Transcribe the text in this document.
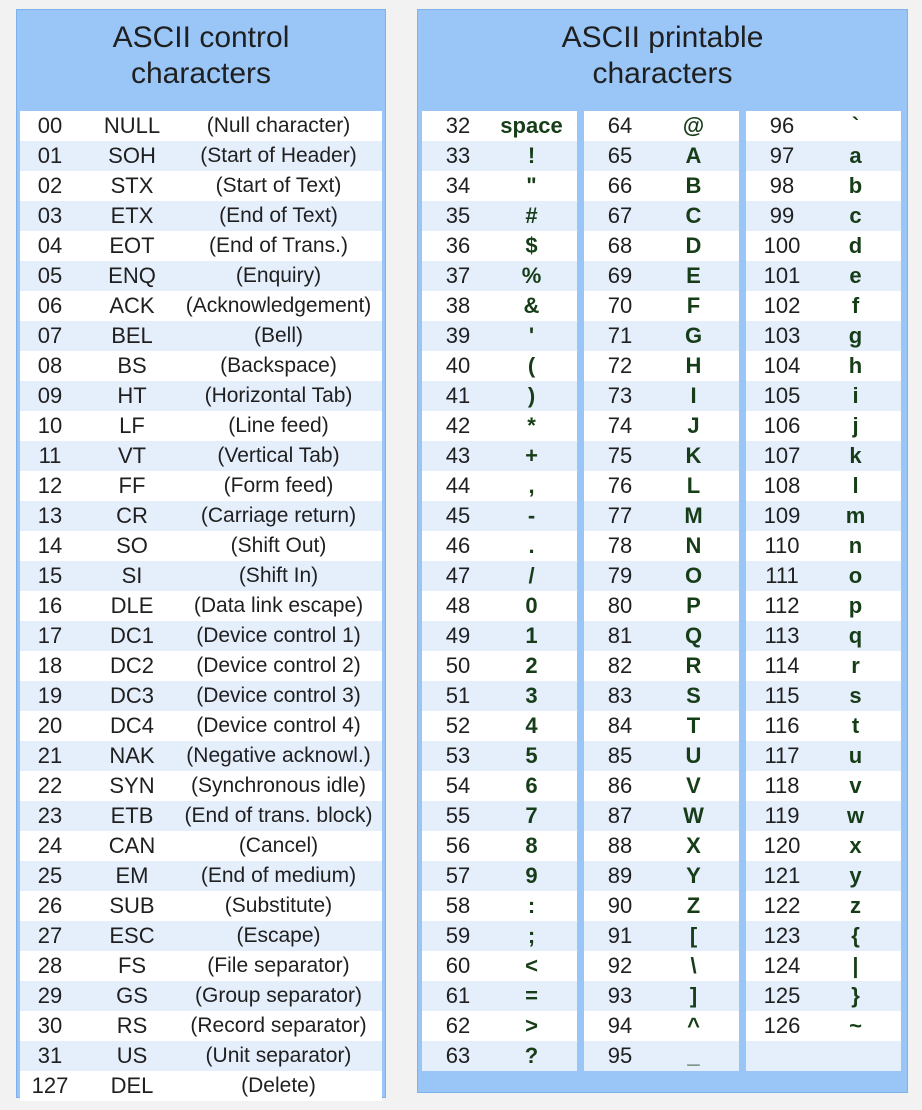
ASCII control
characters
00	NULL	(Null character)
01	SOH	(Start of Header)
02	STX	(Start of Text)
03	ETX	(End of Text)
04	EOT	(End of Trans.)
05	ENQ	(Enquiry)
06	ACK	(Acknowledgement)
07	BEL	(Bell)
08	BS	(Backspace)
09	HT	(Horizontal Tab)
10	LF	(Line feed)
11	VT	(Vertical Tab)
12	FF	(Form feed)
13	CR	(Carriage return)
14	SO	(Shift Out)
15	SI	(Shift In)
16	DLE	(Data link escape)
17	DC1	(Device control 1)
18	DC2	(Device control 2)
19	DC3	(Device control 3)
20	DC4	(Device control 4)
21	NAK	(Negative acknowl.)
22	SYN	(Synchronous idle)
23	ETB	(End of trans. block)
24	CAN	(Cancel)
25	EM	(End of medium)
26	SUB	(Substitute)
27	ESC	(Escape)
28	FS	(File separator)
29	GS	(Group separator)
30	RS	(Record separator)
31	US	(Unit separator)
127	DEL	(Delete)
ASCII printable
characters
32	space
33	!
34	"
35	#
36	$
37	%
38	&
39	'
40	(
41	)
42	*
43	+
44	,
45	-
46	.
47	/
48	0
49	1
50	2
51	3
52	4
53	5
54	6
55	7
56	8
57	9
58	:
59	;
60	<
61	=
62	>
63	?
64	@
65	A
66	B
67	C
68	D
69	E
70	F
71	G
72	H
73	I
74	J
75	K
76	L
77	M
78	N
79	O
80	P
81	Q
82	R
83	S
84	T
85	U
86	V
87	W
88	X
89	Y
90	Z
91	[
92	\
93	]
94	^
95	_
96	`
97	a
98	b
99	c
100	d
101	e
102	f
103	g
104	h
105	i
106	j
107	k
108	l
109	m
110	n
111	o
112	p
113	q
114	r
115	s
116	t
117	u
118	v
119	w
120	x
121	y
122	z
123	{
124	|
125	}
126	~
